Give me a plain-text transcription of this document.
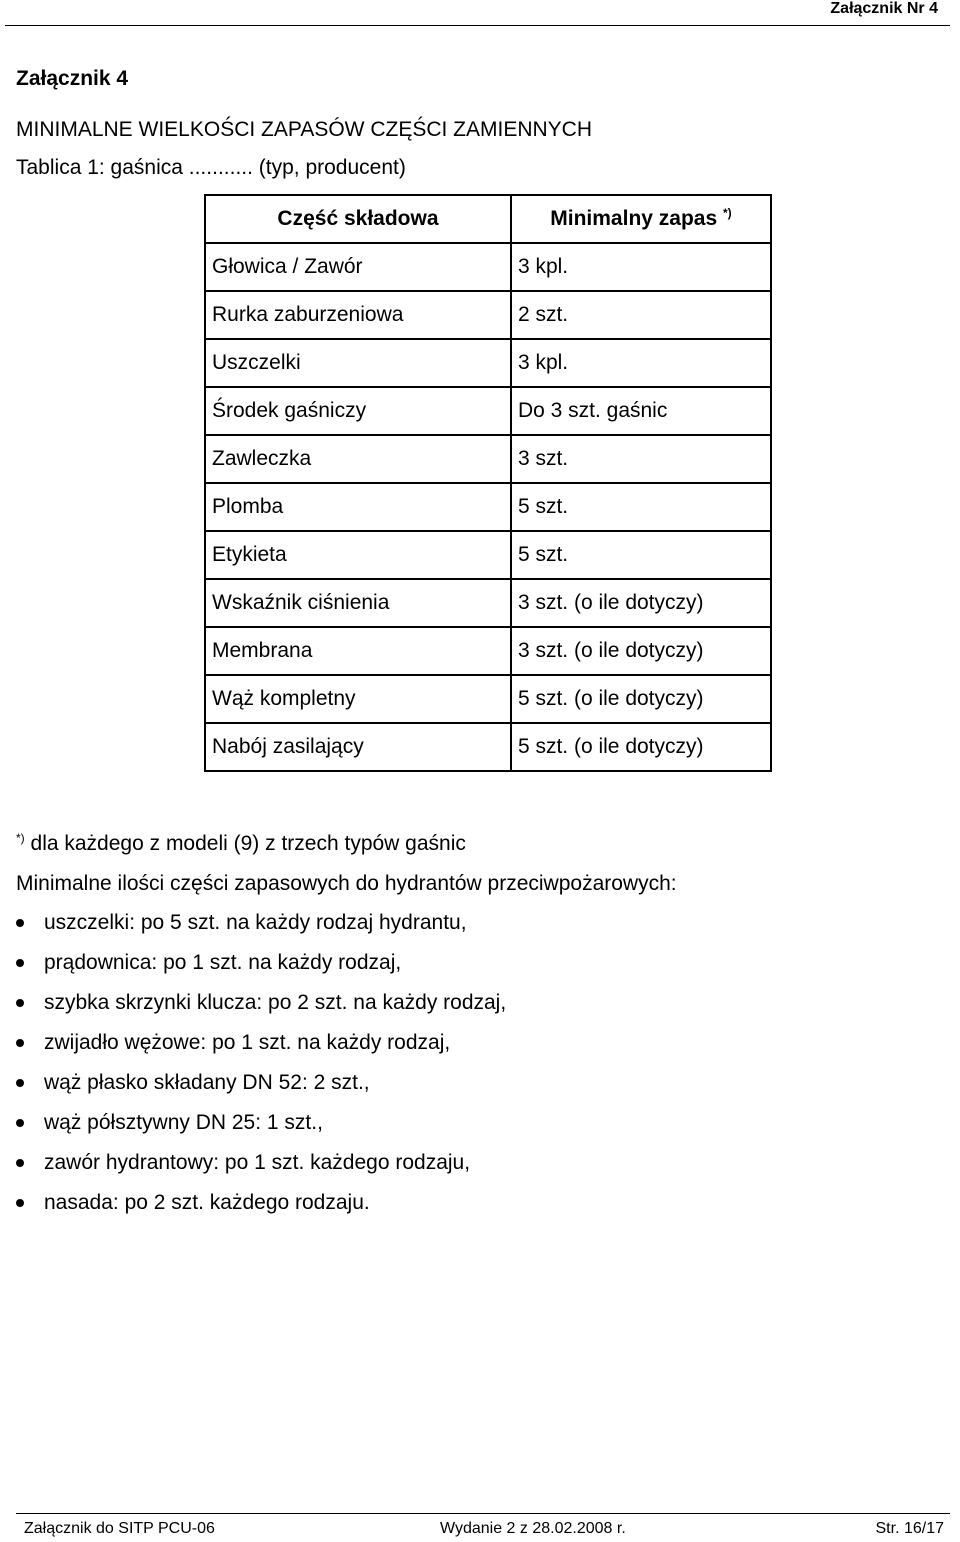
Załącznik Nr 4
Załącznik 4
MINIMALNE WIELKOŚCI ZAPASÓW CZĘŚCI ZAMIENNYCH
Tablica 1: gaśnica ........... (typ, producent)
Część składowa	Minimalny zapas *)
Głowica / Zawór	3 kpl.
Rurka zaburzeniowa	2 szt.
Uszczelki	3 kpl.
Środek gaśniczy	Do 3 szt. gaśnic
Zawleczka	3 szt.
Plomba	5 szt.
Etykieta	5 szt.
Wskaźnik ciśnienia	3 szt. (o ile dotyczy)
Membrana	3 szt. (o ile dotyczy)
Wąż kompletny	5 szt. (o ile dotyczy)
Nabój zasilający	5 szt. (o ile dotyczy)
*) dla każdego z modeli (9) z trzech typów gaśnic
Minimalne ilości części zapasowych do hydrantów przeciwpożarowych:
uszczelki: po 5 szt. na każdy rodzaj hydrantu,
prądownica: po 1 szt. na każdy rodzaj,
szybka skrzynki klucza: po 2 szt. na każdy rodzaj,
zwijadło wężowe: po 1 szt. na każdy rodzaj,
wąż płasko składany DN 52: 2 szt.,
wąż półsztywny DN 25: 1 szt.,
zawór hydrantowy: po 1 szt. każdego rodzaju,
nasada: po 2 szt. każdego rodzaju.
Załącznik do SITP PCU-06	Wydanie 2 z 28.02.2008 r.	Str. 16/17
